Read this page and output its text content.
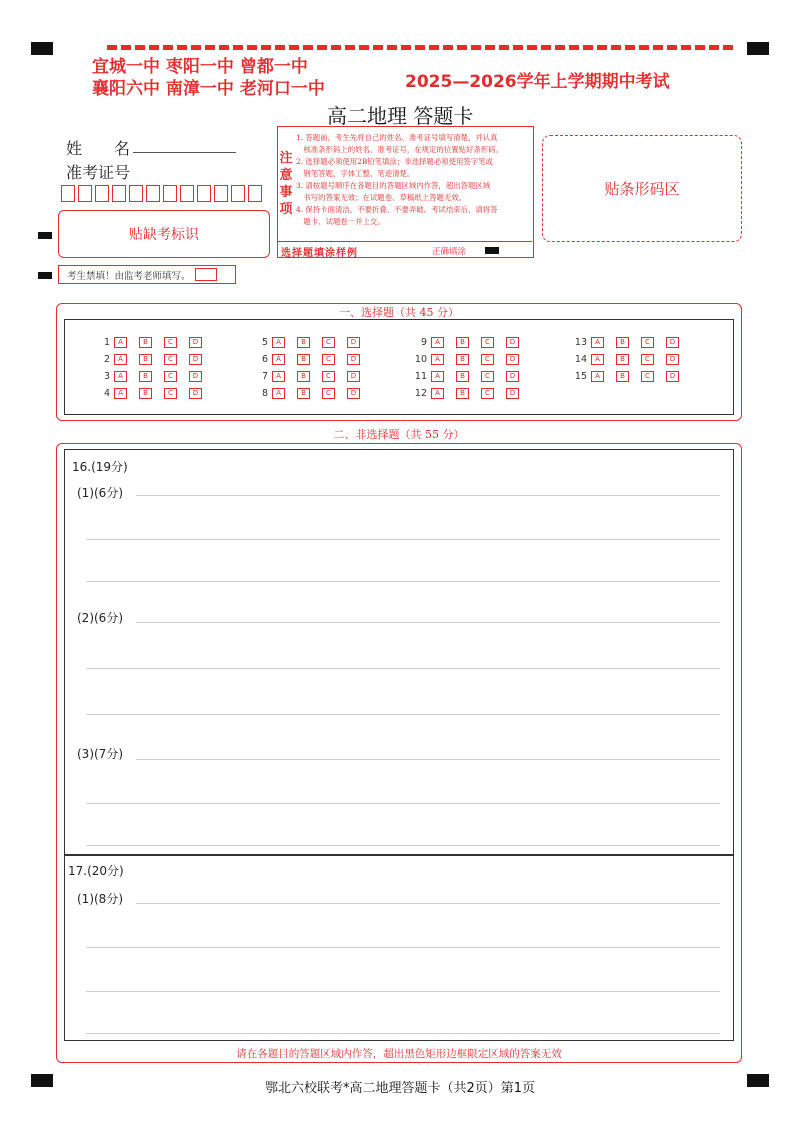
宜城一中 枣阳一中 曾都一中
襄阳六中 南漳一中 老河口一中	2025—2026学年上学期期中考试
高二地理 答题卡
姓　　名
准考证号
贴缺考标识
考生禁填！由监考老师填写。
注意事项
1. 答题前，考生先将自己的姓名、准考证号填写清楚，并认真
　核准条形码上的姓名、准考证号，在规定的位置贴好条形码。
2. 选择题必须使用2B铅笔填涂；非选择题必须使用签字笔或
　钢笔答题，字体工整、笔迹清楚。
3. 请按题号顺序在各题目的答题区域内作答，超出答题区域
　书写的答案无效；在试题卷、草稿纸上答题无效。
4. 保持卡面清洁，不要折叠、不要弄破。考试结束后，请将答
　题卡、试题卷一并上交。
选择题填涂样例	正确填涂
贴条形码区
一、选择题（共 45 分）
1	A	B	C	D
2	A	B	C	D
3	A	B	C	D
4	A	B	C	D
5	A	B	C	D
6	A	B	C	D
7	A	B	C	D
8	A	B	C	D
9	A	B	C	D
10	A	B	C	D
11	A	B	C	D
12	A	B	C	D
13	A	B	C	D
14	A	B	C	D
15	A	B	C	D
二、非选择题（共 55 分）
16.(19分)
(1)(6分)
(2)(6分)
(3)(7分)
17.(20分)
(1)(8分)
请在各题目的答题区域内作答，超出黑色矩形边框限定区域的答案无效
鄂北六校联考*高二地理答题卡（共2页）第1页
